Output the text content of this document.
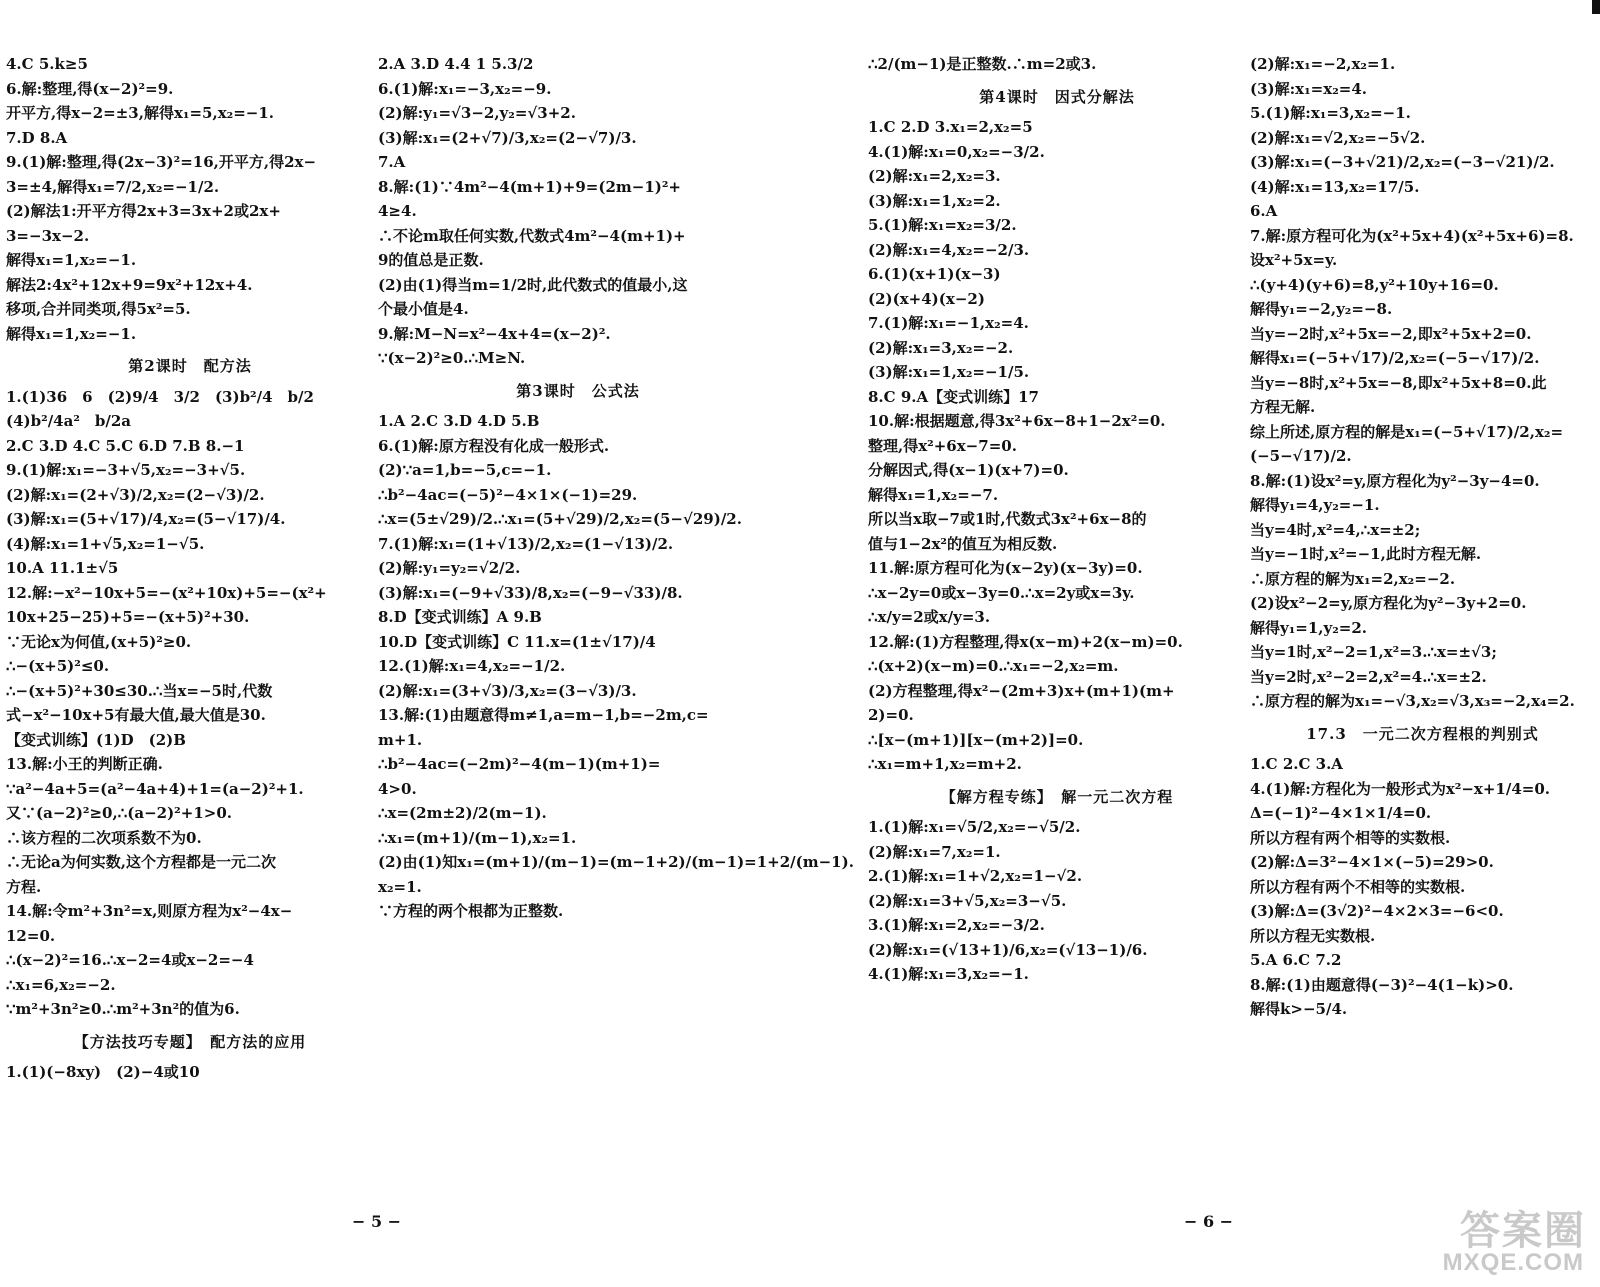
4.C 5.k≥5
6.解:整理,得(x−2)²=9.
开平方,得x−2=±3,解得x₁=5,x₂=−1.
7.D 8.A
9.(1)解:整理,得(2x−3)²=16,开平方,得2x−
3=±4,解得x₁=7/2,x₂=−1/2.
(2)解法1:开平方得2x+3=3x+2或2x+
3=−3x−2.
解得x₁=1,x₂=−1.
解法2:4x²+12x+9=9x²+12x+4.
移项,合并同类项,得5x²=5.
解得x₁=1,x₂=−1.
第2课时　配方法
1.(1)36　6　(2)9/4　3/2　(3)b²/4　b/2
(4)b²/4a²　b/2a
2.C 3.D 4.C 5.C 6.D 7.B 8.−1
9.(1)解:x₁=−3+√5,x₂=−3+√5.
(2)解:x₁=(2+√3)/2,x₂=(2−√3)/2.
(3)解:x₁=(5+√17)/4,x₂=(5−√17)/4.
(4)解:x₁=1+√5,x₂=1−√5.
10.A 11.1±√5
12.解:−x²−10x+5=−(x²+10x)+5=−(x²+
10x+25−25)+5=−(x+5)²+30.
∵无论x为何值,(x+5)²≥0.
∴−(x+5)²≤0.
∴−(x+5)²+30≤30.∴当x=−5时,代数
式−x²−10x+5有最大值,最大值是30.
【变式训练】(1)D　(2)B
13.解:小王的判断正确.
∵a²−4a+5=(a²−4a+4)+1=(a−2)²+1.
又∵(a−2)²≥0,∴(a−2)²+1>0.
∴该方程的二次项系数不为0.
∴无论a为何实数,这个方程都是一元二次
方程.
14.解:令m²+3n²=x,则原方程为x²−4x−
12=0.
∴(x−2)²=16.∴x−2=4或x−2=−4
∴x₁=6,x₂=−2.
∵m²+3n²≥0.∴m²+3n²的值为6.
【方法技巧专题】　配方法的应用
1.(1)(−8xy)　(2)−4或10
2.A 3.D 4.4 1 5.3/2
6.(1)解:x₁=−3,x₂=−9.
(2)解:y₁=√3−2,y₂=√3+2.
(3)解:x₁=(2+√7)/3,x₂=(2−√7)/3.
7.A
8.解:(1)∵4m²−4(m+1)+9=(2m−1)²+
4≥4.
∴不论m取任何实数,代数式4m²−4(m+1)+
9的值总是正数.
(2)由(1)得当m=1/2时,此代数式的值最小,这
个最小值是4.
9.解:M−N=x²−4x+4=(x−2)².
∵(x−2)²≥0.∴M≥N.
第3课时　公式法
1.A 2.C 3.D 4.D 5.B
6.(1)解:原方程没有化成一般形式.
(2)∵a=1,b=−5,c=−1.
∴b²−4ac=(−5)²−4×1×(−1)=29.
∴x=(5±√29)/2.∴x₁=(5+√29)/2,x₂=(5−√29)/2.
7.(1)解:x₁=(1+√13)/2,x₂=(1−√13)/2.
(2)解:y₁=y₂=√2/2.
(3)解:x₁=(−9+√33)/8,x₂=(−9−√33)/8.
8.D【变式训练】A 9.B
10.D【变式训练】C 11.x=(1±√17)/4
12.(1)解:x₁=4,x₂=−1/2.
(2)解:x₁=(3+√3)/3,x₂=(3−√3)/3.
13.解:(1)由题意得m≠1,a=m−1,b=−2m,c=
m+1.
∴b²−4ac=(−2m)²−4(m−1)(m+1)=
4>0.
∴x=(2m±2)/2(m−1).
∴x₁=(m+1)/(m−1),x₂=1.
(2)由(1)知x₁=(m+1)/(m−1)=(m−1+2)/(m−1)=1+2/(m−1).
x₂=1.
∵方程的两个根都为正整数.
∴2/(m−1)是正整数.∴m=2或3.
第4课时　因式分解法
1.C 2.D 3.x₁=2,x₂=5
4.(1)解:x₁=0,x₂=−3/2.
(2)解:x₁=2,x₂=3.
(3)解:x₁=1,x₂=2.
5.(1)解:x₁=x₂=3/2.
(2)解:x₁=4,x₂=−2/3.
6.(1)(x+1)(x−3)
(2)(x+4)(x−2)
7.(1)解:x₁=−1,x₂=4.
(2)解:x₁=3,x₂=−2.
(3)解:x₁=1,x₂=−1/5.
8.C 9.A【变式训练】17
10.解:根据题意,得3x²+6x−8+1−2x²=0.
整理,得x²+6x−7=0.
分解因式,得(x−1)(x+7)=0.
解得x₁=1,x₂=−7.
所以当x取−7或1时,代数式3x²+6x−8的
值与1−2x²的值互为相反数.
11.解:原方程可化为(x−2y)(x−3y)=0.
∴x−2y=0或x−3y=0.∴x=2y或x=3y.
∴x/y=2或x/y=3.
12.解:(1)方程整理,得x(x−m)+2(x−m)=0.
∴(x+2)(x−m)=0.∴x₁=−2,x₂=m.
(2)方程整理,得x²−(2m+3)x+(m+1)(m+
2)=0.
∴[x−(m+1)][x−(m+2)]=0.
∴x₁=m+1,x₂=m+2.
【解方程专练】　解一元二次方程
1.(1)解:x₁=√5/2,x₂=−√5/2.
(2)解:x₁=7,x₂=1.
2.(1)解:x₁=1+√2,x₂=1−√2.
(2)解:x₁=3+√5,x₂=3−√5.
3.(1)解:x₁=2,x₂=−3/2.
(2)解:x₁=(√13+1)/6,x₂=(√13−1)/6.
4.(1)解:x₁=3,x₂=−1.
(2)解:x₁=−2,x₂=1.
(3)解:x₁=x₂=4.
5.(1)解:x₁=3,x₂=−1.
(2)解:x₁=√2,x₂=−5√2.
(3)解:x₁=(−3+√21)/2,x₂=(−3−√21)/2.
(4)解:x₁=13,x₂=17/5.
6.A
7.解:原方程可化为(x²+5x+4)(x²+5x+6)=8.
设x²+5x=y.
∴(y+4)(y+6)=8,y²+10y+16=0.
解得y₁=−2,y₂=−8.
当y=−2时,x²+5x=−2,即x²+5x+2=0.
解得x₁=(−5+√17)/2,x₂=(−5−√17)/2.
当y=−8时,x²+5x=−8,即x²+5x+8=0.此
方程无解.
综上所述,原方程的解是x₁=(−5+√17)/2,x₂=
(−5−√17)/2.
8.解:(1)设x²=y,原方程化为y²−3y−4=0.
解得y₁=4,y₂=−1.
当y=4时,x²=4,∴x=±2;
当y=−1时,x²=−1,此时方程无解.
∴原方程的解为x₁=2,x₂=−2.
(2)设x²−2=y,原方程化为y²−3y+2=0.
解得y₁=1,y₂=2.
当y=1时,x²−2=1,x²=3.∴x=±√3;
当y=2时,x²−2=2,x²=4.∴x=±2.
∴原方程的解为x₁=−√3,x₂=√3,x₃=−2,x₄=2.
17.3　一元二次方程根的判别式
1.C 2.C 3.A
4.(1)解:方程化为一般形式为x²−x+1/4=0.
Δ=(−1)²−4×1×1/4=0.
所以方程有两个相等的实数根.
(2)解:Δ=3²−4×1×(−5)=29>0.
所以方程有两个不相等的实数根.
(3)解:Δ=(3√2)²−4×2×3=−6<0.
所以方程无实数根.
5.A 6.C 7.2
8.解:(1)由题意得(−3)²−4(1−k)>0.
解得k>−5/4.
− 5 −	− 6 −	答案圈
MXQE.COM
